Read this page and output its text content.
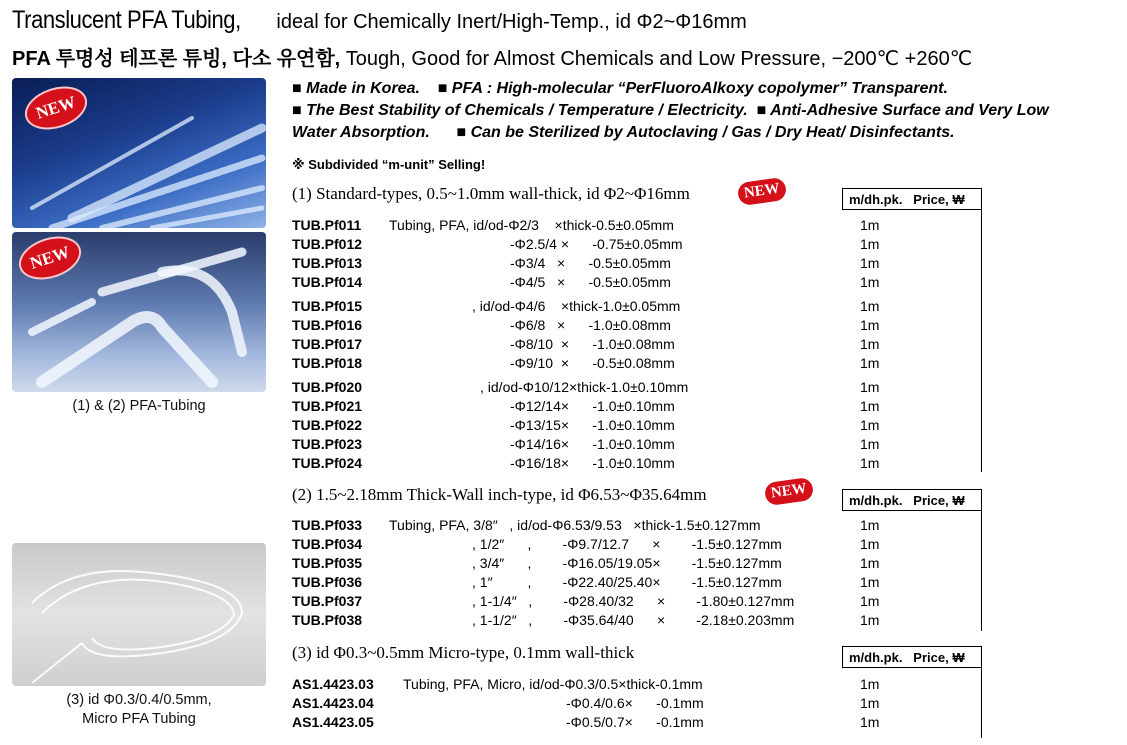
Translucent PFA Tubing, ideal for Chemically Inert/High-Temp., id Φ2~Φ16mm
PFA 투명성 테프론 튜빙, 다소 유연함, Tough, Good for Almost Chemicals and Low Pressure, −200℃ +260℃
NEW
NEW
(1) & (2) PFA-Tubing
(3) id Φ0.3/0.4/0.5mm,
Micro PFA Tubing
■ Made in Korea.    ■ PFA : High-molecular “PerFluoroAlkoxy copolymer” Transparent.
■ The Best Stability of Chemicals / Temperature / Electricity.  ■ Anti-Adhesive Surface and Very Low
Water Absorption.      ■ Can be Sterilized by Autoclaving / Gas / Dry Heat/ Disinfectants.
※ Subdivided “m-unit” Selling!
(1) Standard-types, 0.5~1.0mm wall-thick, id Φ2~Φ16mm	NEW	m/dh.pk. Price, ₩
TUB.Pf011 Tubing, PFA, id/od-Φ2/3    ×thick-0.5±0.05mm	1m
TUB.Pf012	-Φ2.5/4 ×      -0.75±0.05mm	1m
TUB.Pf013	-Φ3/4   ×      -0.5±0.05mm	1m
TUB.Pf014	-Φ4/5   ×      -0.5±0.05mm	1m
TUB.Pf015	, id/od-Φ4/6    ×thick-1.0±0.05mm	1m
TUB.Pf016	-Φ6/8   ×      -1.0±0.08mm	1m
TUB.Pf017	-Φ8/10  ×      -1.0±0.08mm	1m
TUB.Pf018	-Φ9/10  ×      -0.5±0.08mm	1m
TUB.Pf020	, id/od-Φ10/12×thick-1.0±0.10mm	1m
TUB.Pf021	-Φ12/14×      -1.0±0.10mm	1m
TUB.Pf022	-Φ13/15×      -1.0±0.10mm	1m
TUB.Pf023	-Φ14/16×      -1.0±0.10mm	1m
TUB.Pf024	-Φ16/18×      -1.0±0.10mm	1m
(2) 1.5~2.18mm Thick-Wall inch-type, id Φ6.53~Φ35.64mm	NEW	m/dh.pk. Price, ₩
TUB.Pf033 Tubing, PFA, 3/8″   , id/od-Φ6.53/9.53   ×thick-1.5±0.127mm	1m
TUB.Pf034	, 1/2″      ,        -Φ9.7/12.7      ×        -1.5±0.127mm	1m
TUB.Pf035	, 3/4″      ,        -Φ16.05/19.05×        -1.5±0.127mm	1m
TUB.Pf036	, 1″         ,        -Φ22.40/25.40×        -1.5±0.127mm	1m
TUB.Pf037	, 1-1/4″   ,        -Φ28.40/32      ×        -1.80±0.127mm	1m
TUB.Pf038	, 1-1/2″   ,        -Φ35.64/40      ×        -2.18±0.203mm	1m
(3) id Φ0.3~0.5mm Micro-type, 0.1mm wall-thick	m/dh.pk. Price, ₩
AS1.4423.03 Tubing, PFA, Micro, id/od-Φ0.3/0.5×thick-0.1mm	1m
AS1.4423.04	-Φ0.4/0.6×      -0.1mm	1m
AS1.4423.05	-Φ0.5/0.7×      -0.1mm	1m
